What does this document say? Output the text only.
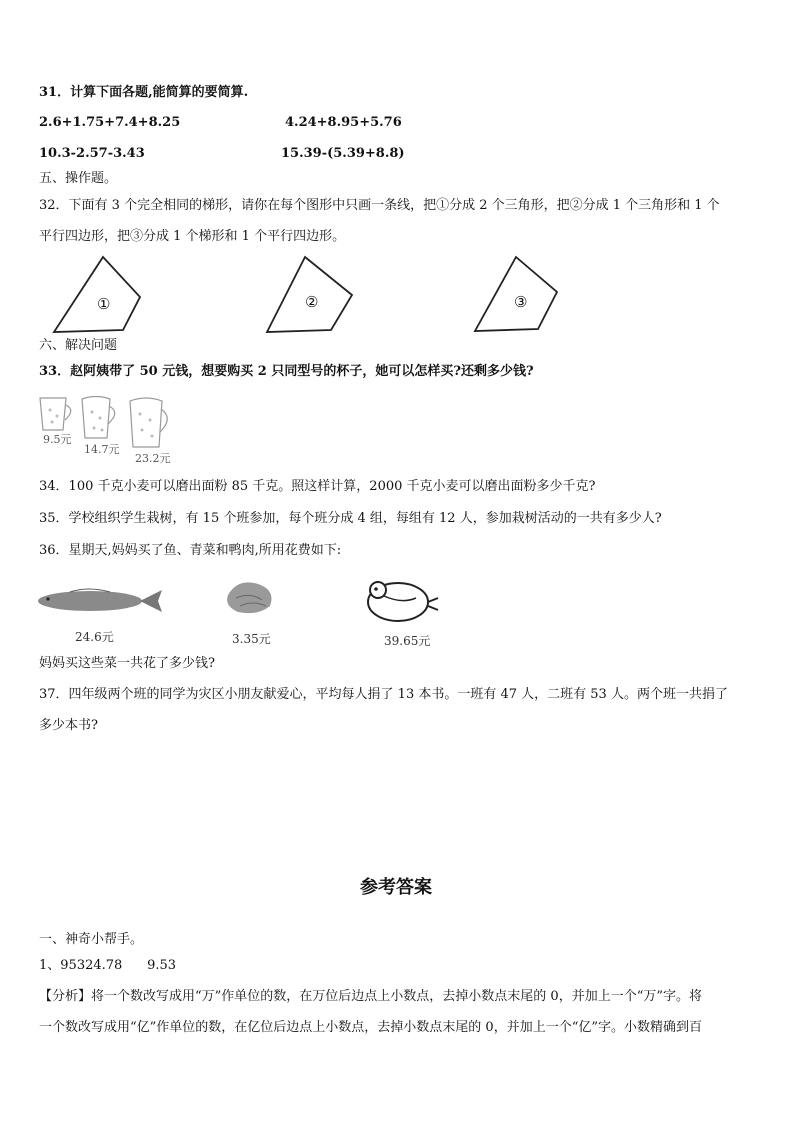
31．计算下面各题,能简算的要简算.
2.6+1.75+7.4+8.25	4.24+8.95+5.76
10.3-2.57-3.43	15.39-(5.39+8.8)
五、操作题。
32．下面有 3 个完全相同的梯形，请你在每个图形中只画一条线，把①分成 2 个三角形，把②分成 1 个三角形和 1 个
平行四边形，把③分成 1 个梯形和 1 个平行四边形。
①	②	③
六、解决问题
33．赵阿姨带了 50 元钱，想要购买 2 只同型号的杯子，她可以怎样买?还剩多少钱?
9.5元
14.7元
23.2元
34．100 千克小麦可以磨出面粉 85 千克。照这样计算，2000 千克小麦可以磨出面粉多少千克?
35．学校组织学生栽树，有 15 个班参加，每个班分成 4 组，每组有 12 人，参加栽树活动的一共有多少人?
36．星期天,妈妈买了鱼、青菜和鸭肉,所用花费如下:
24.6元	3.35元	39.65元
妈妈买这些菜一共花了多少钱?
37．四年级两个班的同学为灾区小朋友献爱心，平均每人捐了 13 本书。一班有 47 人，二班有 53 人。两个班一共捐了
多少本书?
参考答案
一、神奇小帮手。
1、95324.78      9.53
【分析】将一个数改写成用“万”作单位的数，在万位后边点上小数点，去掉小数点末尾的 0，并加上一个“万”字。将
一个数改写成用“亿”作单位的数，在亿位后边点上小数点，去掉小数点末尾的 0，并加上一个“亿”字。小数精确到百
